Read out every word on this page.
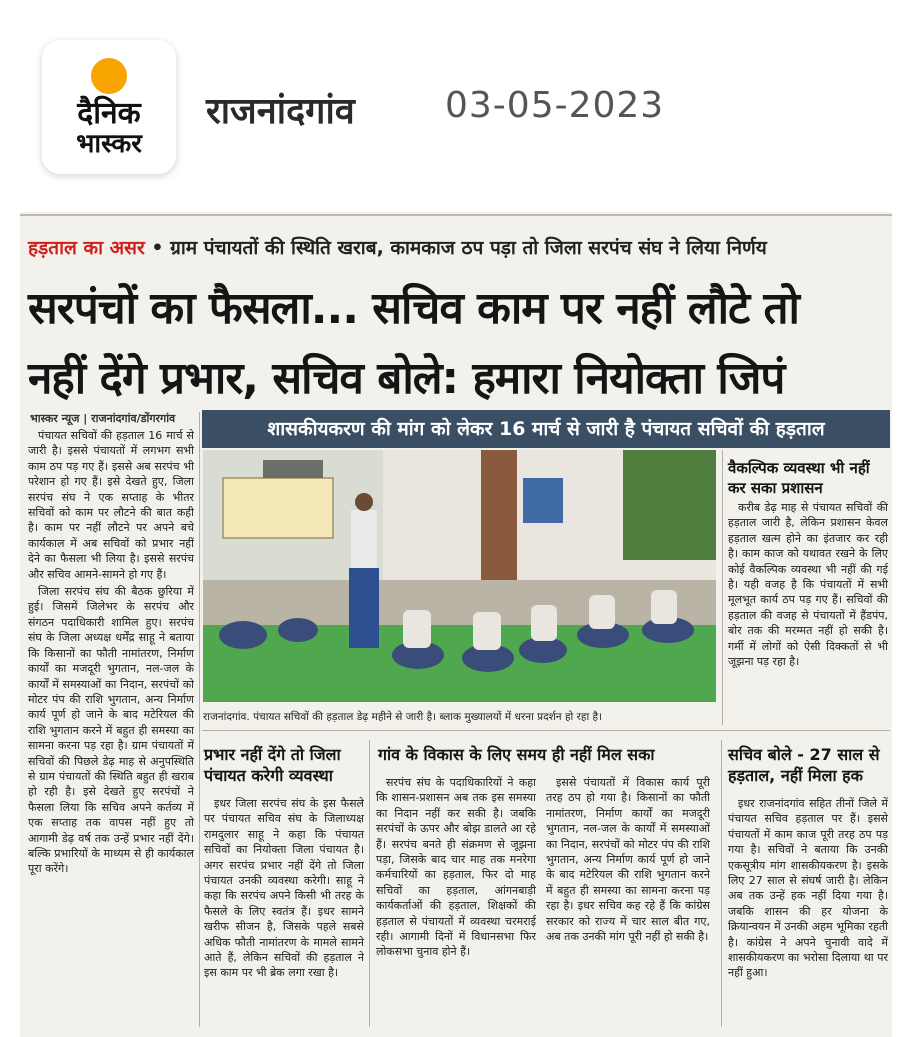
दैनिक
भास्कर
राजनांदगांव	03-05-2023
हड़ताल का असर • ग्राम पंचायतों की स्थिति खराब, कामकाज ठप पड़ा तो जिला सरपंच संघ ने लिया निर्णय
सरपंचों का फैसला... सचिव काम पर नहीं लौटे तो
नहीं देंगे प्रभार, सचिव बोले: हमारा नियोक्ता जिपं
भास्कर न्यूज | राजनांदगांव/डोंगरगांव	शासकीयकरण की मांग को लेकर 16 मार्च से जारी है पंचायत सचिवों की हड़ताल

पंचायत सचिवों की हड़ताल 16 मार्च से जारी है। इससे पंचायतों में लगभग सभी काम ठप पड़ गए हैं। इससे अब सरपंच भी परेशान हो गए हैं। इसे देखते हुए, जिला सरपंच संघ ने एक सप्ताह के भीतर सचिवों को काम पर लौटने की बात कही है। काम पर नहीं लौटने पर अपने बचे कार्यकाल में अब सचिवों को प्रभार नहीं देने का फैसला भी लिया है। इससे सरपंच और सचिव आमने-सामने हो गए हैं।

जिला सरपंच संघ की बैठक छुरिया में हुई। जिसमें जिलेभर के सरपंच और संगठन पदाधिकारी शामिल हुए। सरपंच संघ के जिला अध्यक्ष धर्मेंद्र साहू ने बताया कि किसानों का फौती नामांतरण, निर्माण कार्यों का मजदूरी भुगतान, नल-जल के कार्यों में समस्याओं का निदान, सरपंचों को मोटर पंप की राशि भुगतान, अन्य निर्माण कार्य पूर्ण हो जाने के बाद मटेरियल की राशि भुगतान करने में बहुत ही समस्या का सामना करना पड़ रहा है। ग्राम पंचायतों में सचिवों की पिछले डेढ़ माह से अनुपस्थिति से ग्राम पंचायतों की स्थिति बहुत ही खराब हो रही है। इसे देखते हुए सरपंचों ने फैसला लिया कि सचिव अपने कर्तव्य में एक सप्ताह तक वापस नहीं हुए तो आगामी डेढ़ वर्ष तक उन्हें प्रभार नहीं देंगे। बल्कि प्रभारियों के माध्यम से ही कार्यकाल पूरा करेंगे।

राजनांदगांव. पंचायत सचिवों की हड़ताल डेढ़ महीने से जारी है। ब्लाक मुख्यालयों में धरना प्रदर्शन हो रहा है।
वैकल्पिक व्यवस्था भी नहीं कर सका प्रशासन

करीब डेढ़ माह से पंचायत सचिवों की हड़ताल जारी है, लेकिन प्रशासन केवल हड़ताल खत्म होने का इंतजार कर रही है। काम काज को यथावत रखने के लिए कोई वैकल्पिक व्यवस्था भी नहीं की गई है। यही वजह है कि पंचायतों में सभी मूलभूत कार्य ठप पड़ गए हैं। सचिवों की हड़ताल की वजह से पंचायतों में हैंडपंप, बोर तक की मरम्मत नहीं हो सकी है। गर्मी में लोगों को ऐसी दिक्कतों से भी जूझना पड़ रहा है।

प्रभार नहीं देंगे तो जिला पंचायत करेगी व्यवस्था

इधर जिला सरपंच संघ के इस फैसले पर पंचायत सचिव संघ के जिलाध्यक्ष रामदुलार साहू ने कहा कि पंचायत सचिवों का नियोक्ता जिला पंचायत है। अगर सरपंच प्रभार नहीं देंगे तो जिला पंचायत उनकी व्यवस्था करेगी। साहू ने कहा कि सरपंच अपने किसी भी तरह के फैसले के लिए स्वतंत्र हैं। इधर सामने खरीफ सीजन है, जिसके पहले सबसे अधिक फौती नामांतरण के मामले सामने आते हैं, लेकिन सचिवों की हड़ताल ने इस काम पर भी ब्रेक लगा रखा है।

गांव के विकास के लिए समय ही नहीं मिल सका

सरपंच संघ के पदाधिकारियों ने कहा कि शासन-प्रशासन अब तक इस समस्या का निदान नहीं कर सकी है। जबकि सरपंचों के ऊपर और बोझ डालते आ रहे हैं। सरपंच बनते ही संक्रमण से जूझना पड़ा, जिसके बाद चार माह तक मनरेगा कर्मचारियों का हड़ताल, फिर दो माह सचिवों का हड़ताल, आंगनबाड़ी कार्यकर्ताओं की हड़ताल, शिक्षकों की हड़ताल से पंचायतों में व्यवस्था चरमराई रही। आगामी दिनों में विधानसभा फिर लोकसभा चुनाव होने हैं।

इससे पंचायतों में विकास कार्य पूरी तरह ठप हो गया है। किसानों का फौती नामांतरण, निर्माण कार्यों का मजदूरी भुगतान, नल-जल के कार्यों में समस्याओं का निदान, सरपंचों को मोटर पंप की राशि भुगतान, अन्य निर्माण कार्य पूर्ण हो जाने के बाद मटेरियल की राशि भुगतान करने में बहुत ही समस्या का सामना करना पड़ रहा है। इधर सचिव कह रहे हैं कि कांग्रेस सरकार को राज्य में चार साल बीत गए, अब तक उनकी मांग पूरी नहीं हो सकी है।

सचिव बोले - 27 साल से हड़ताल, नहीं मिला हक

इधर राजनांदगांव सहित तीनों जिले में पंचायत सचिव हड़ताल पर हैं। इससे पंचायतों में काम काज पूरी तरह ठप पड़ गया है। सचिवों ने बताया कि उनकी एकसूत्रीय मांग शासकीयकरण है। इसके लिए 27 साल से संघर्ष जारी है। लेकिन अब तक उन्हें हक नहीं दिया गया है। जबकि शासन की हर योजना के क्रियान्वयन में उनकी अहम भूमिका रहती है। कांग्रेस ने अपने चुनावी वादे में शासकीयकरण का भरोसा दिलाया था पर नहीं हुआ।
